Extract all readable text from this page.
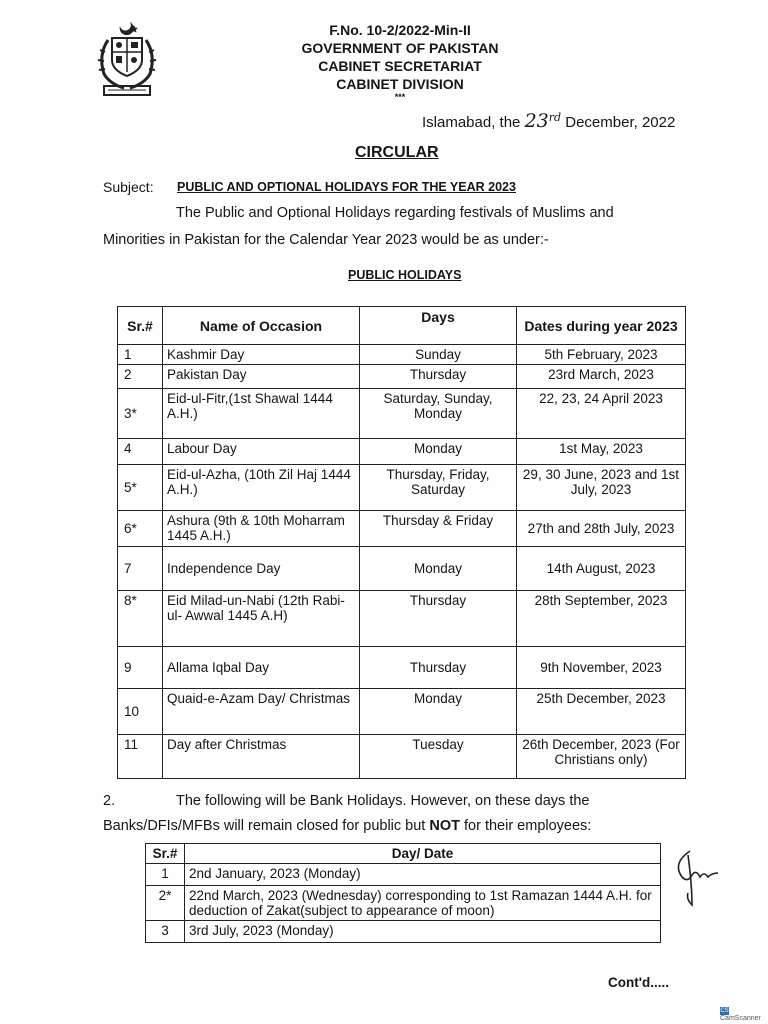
F.No. 10-2/2022-Min-II
GOVERNMENT OF PAKISTAN
CABINET SECRETARIAT
CABINET DIVISION
***
Islamabad, the 23rd December, 2022
CIRCULAR
Subject: PUBLIC AND OPTIONAL HOLIDAYS FOR THE YEAR 2023
The Public and Optional Holidays regarding festivals of Muslims and
Minorities in Pakistan for the Calendar Year 2023 would be as under:-
PUBLIC HOLIDAYS
Sr.#	Name of Occasion	Days	Dates during year 2023
1	Kashmir Day	Sunday	5th February, 2023
2	Pakistan Day	Thursday	23rd March, 2023
3*	Eid-ul-Fitr,(1st Shawal 1444 A.H.)	Saturday, Sunday, Monday	22, 23, 24 April 2023
4	Labour Day	Monday	1st May, 2023
5*	Eid-ul-Azha, (10th Zil Haj 1444 A.H.)	Thursday, Friday, Saturday	29, 30 June, 2023 and 1st July, 2023
6*	Ashura (9th & 10th Moharram 1445 A.H.)	Thursday & Friday	27th and 28th July, 2023
7	Independence Day	Monday	14th August, 2023
8*	Eid Milad-un-Nabi (12th Rabi-ul- Awwal 1445 A.H)	Thursday	28th September, 2023
9	Allama Iqbal Day	Thursday	9th November, 2023
10	Quaid-e-Azam Day/ Christmas	Monday	25th December, 2023
11	Day after Christmas	Tuesday	26th December, 2023 (For Christians only)
2.	The following will be Bank Holidays. However, on these days the
Banks/DFIs/MFBs will remain closed for public but NOT for their employees:
Sr.#	Day/ Date
1	2nd January, 2023 (Monday)
2*	22nd March, 2023 (Wednesday) corresponding to 1st Ramazan 1444 A.H. for deduction of Zakat(subject to appearance of moon)
3	3rd July, 2023 (Monday)
Cont'd.....
CSCamScanner
